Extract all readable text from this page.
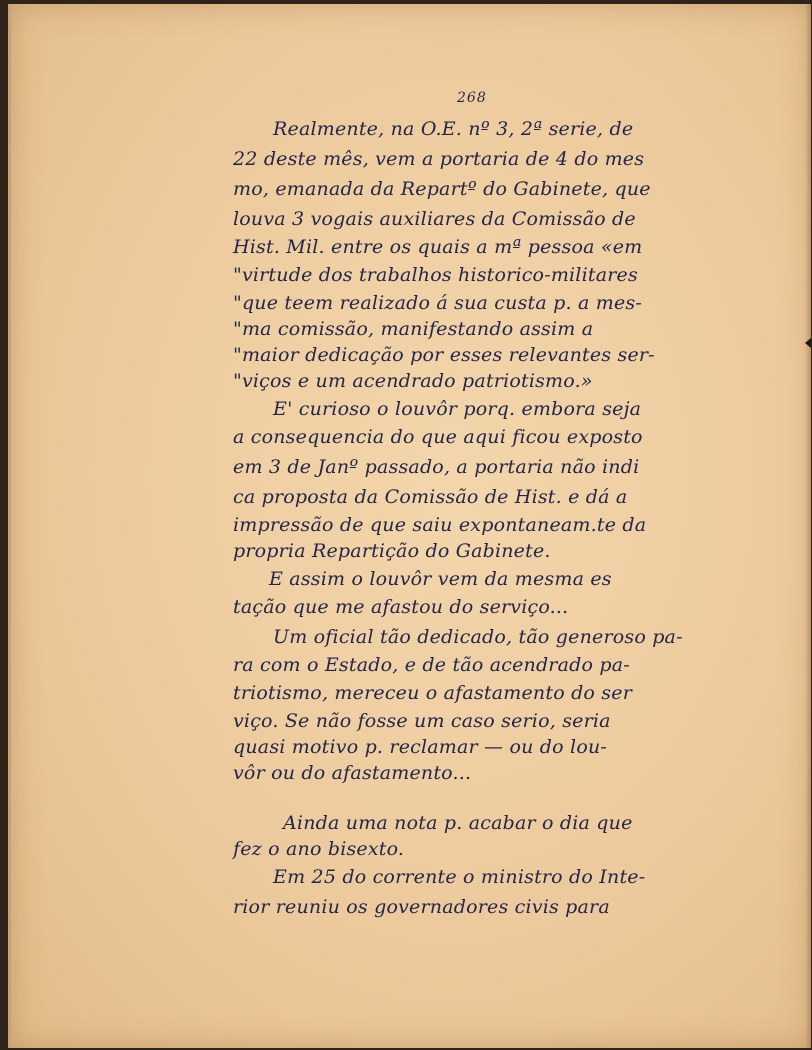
268
Realmente, na O.E. nº 3, 2ª serie, de
22 deste mês, vem a portaria de 4 do mes
mo, emanada da Repartº do Gabinete, que
louva 3 vogais auxiliares da Comissão de
Hist. Mil. entre os quais a mª pessoa «em
"virtude dos trabalhos historico-militares
"que teem realizado á sua custa p. a mes-
"ma comissão, manifestando assim a
"maior dedicação por esses relevantes ser-
"viços e um acendrado patriotismo.»
E' curioso o louvôr porq. embora seja
a consequencia do que aqui ficou exposto
em 3 de Janº passado, a portaria não indi
ca proposta da Comissão de Hist. e dá a
impressão de que saiu expontaneam.te da
propria Repartição do Gabinete.
E assim o louvôr vem da mesma es
tação que me afastou do serviço...
Um oficial tão dedicado, tão generoso pa-
ra com o Estado, e de tão acendrado pa-
triotismo, mereceu o afastamento do ser
viço. Se não fosse um caso serio, seria
quasi motivo p. reclamar — ou do lou-
vôr ou do afastamento...
Ainda uma nota p. acabar o dia que
fez o ano bisexto.
Em 25 do corrente o ministro do Inte-
rior reuniu os governadores civis para
